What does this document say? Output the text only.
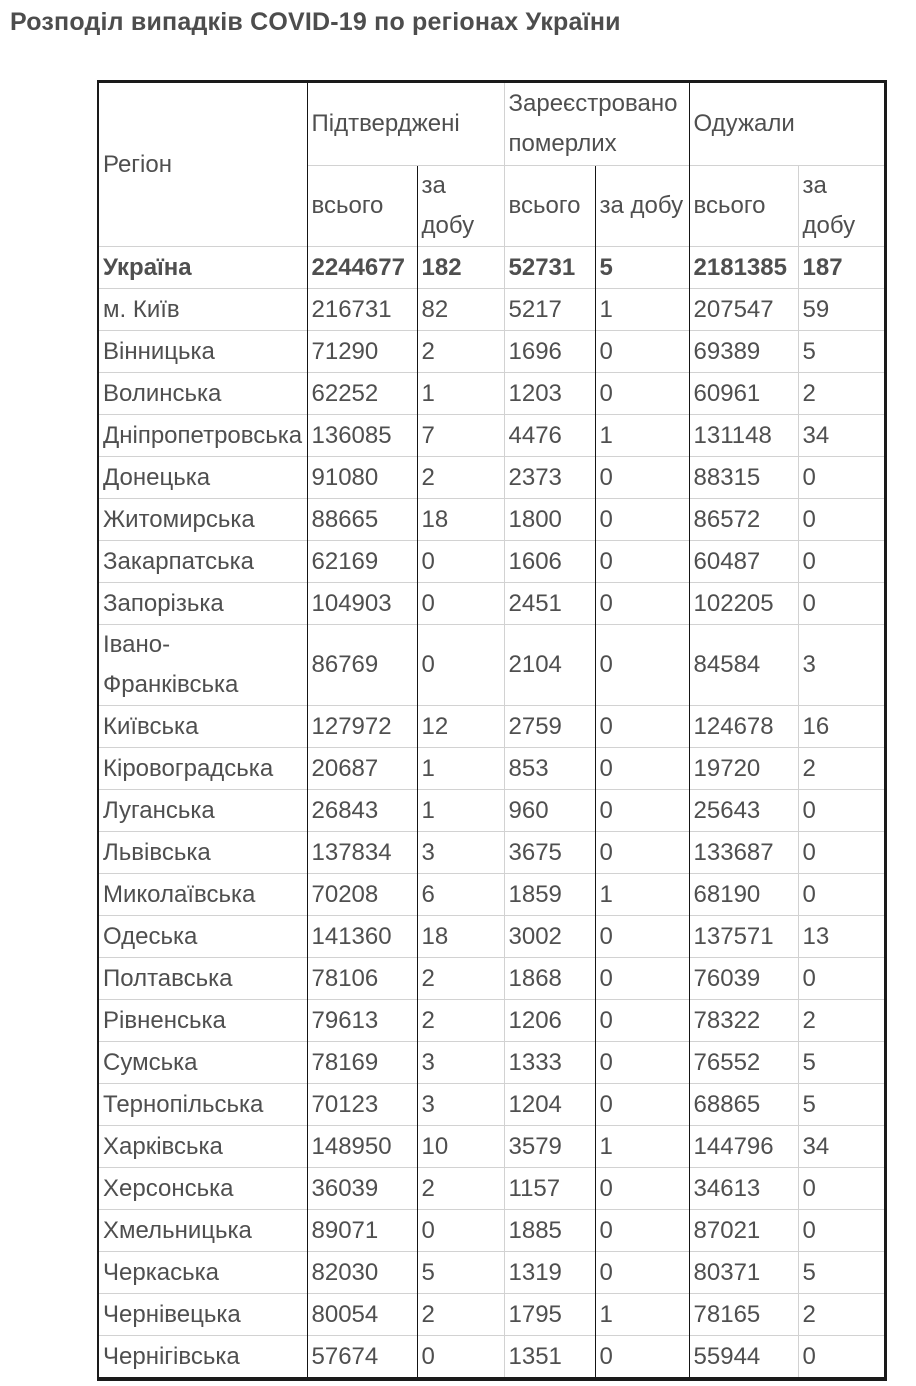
Розподіл випадків COVID-19 по регіонах України
Регіон	Підтверджені		Зареєстровано померлих		Одужали	
	всього	за добу	всього	за добу	всього	за добу
Україна	2244677	182	52731	5	2181385	187
м. Київ	216731	82	5217	1	207547	59
Вінницька	71290	2	1696	0	69389	5
Волинська	62252	1	1203	0	60961	2
Дніпропетровська	136085	7	4476	1	131148	34
Донецька	91080	2	2373	0	88315	0
Житомирська	88665	18	1800	0	86572	0
Закарпатська	62169	0	1606	0	60487	0
Запорізька	104903	0	2451	0	102205	0
Івано-Франківська	86769	0	2104	0	84584	3
Київська	127972	12	2759	0	124678	16
Кіровоградська	20687	1	853	0	19720	2
Луганська	26843	1	960	0	25643	0
Львівська	137834	3	3675	0	133687	0
Миколаївська	70208	6	1859	1	68190	0
Одеська	141360	18	3002	0	137571	13
Полтавська	78106	2	1868	0	76039	0
Рівненська	79613	2	1206	0	78322	2
Сумська	78169	3	1333	0	76552	5
Тернопільська	70123	3	1204	0	68865	5
Харківська	148950	10	3579	1	144796	34
Херсонська	36039	2	1157	0	34613	0
Хмельницька	89071	0	1885	0	87021	0
Черкаська	82030	5	1319	0	80371	5
Чернівецька	80054	2	1795	1	78165	2
Чернігівська	57674	0	1351	0	55944	0
